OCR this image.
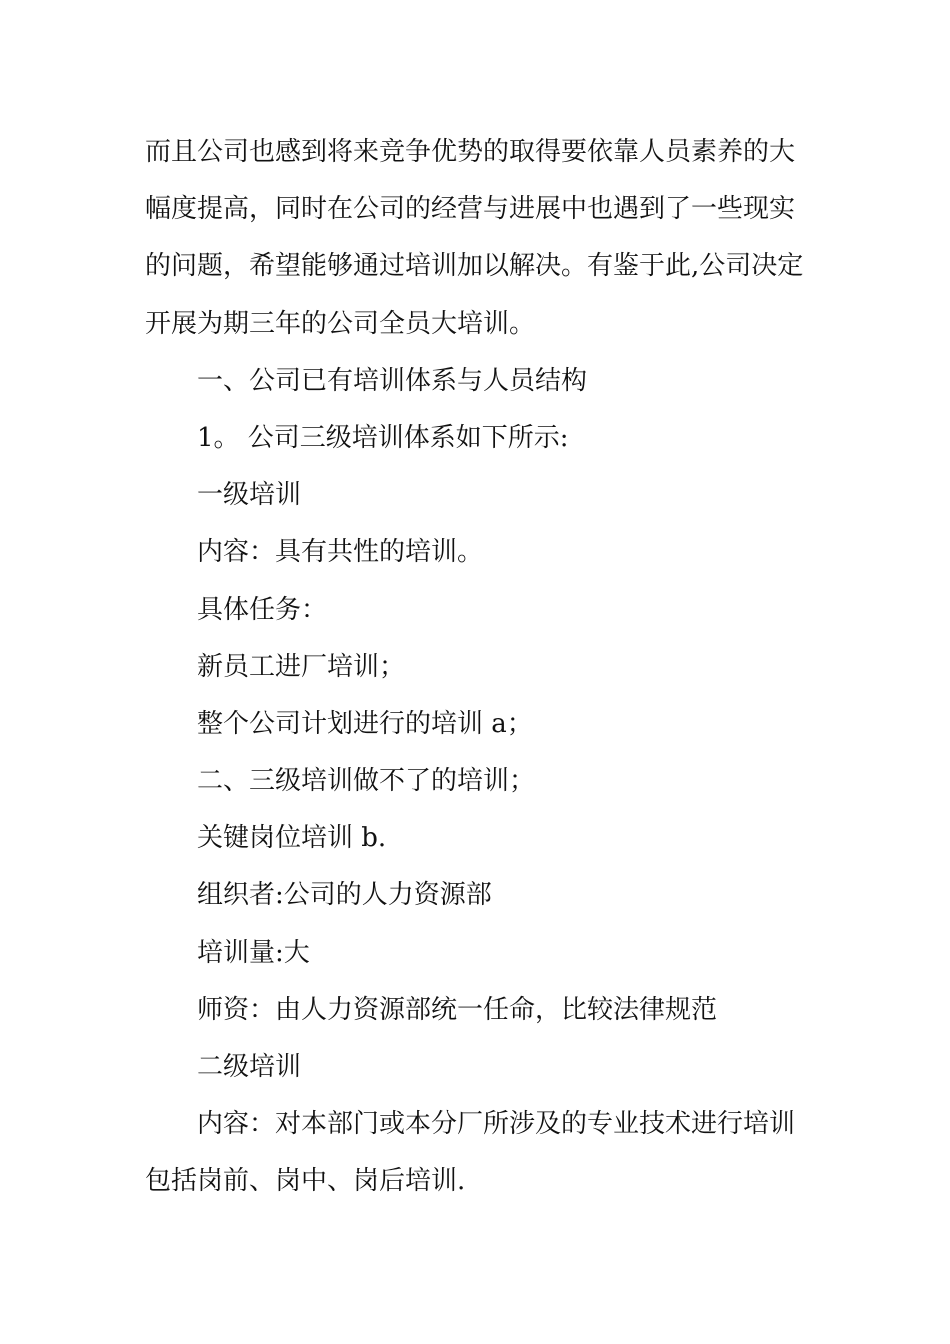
而且公司也感到将来竞争优势的取得要依靠人员素养的大
幅度提高，同时在公司的经营与进展中也遇到了一些现实
的问题，希望能够通过培训加以解决。有鉴于此,公司决定
开展为期三年的公司全员大培训。
一、公司已有培训体系与人员结构
1。 公司三级培训体系如下所示:
一级培训
内容：具有共性的培训。
具体任务：
新员工进厂培训；
整个公司计划进行的培训 a；
二、三级培训做不了的培训；
关键岗位培训 b.
组织者:公司的人力资源部
培训量:大
师资：由人力资源部统一任命，比较法律规范
二级培训
内容：对本部门或本分厂所涉及的专业技术进行培训
包括岗前、岗中、岗后培训.
